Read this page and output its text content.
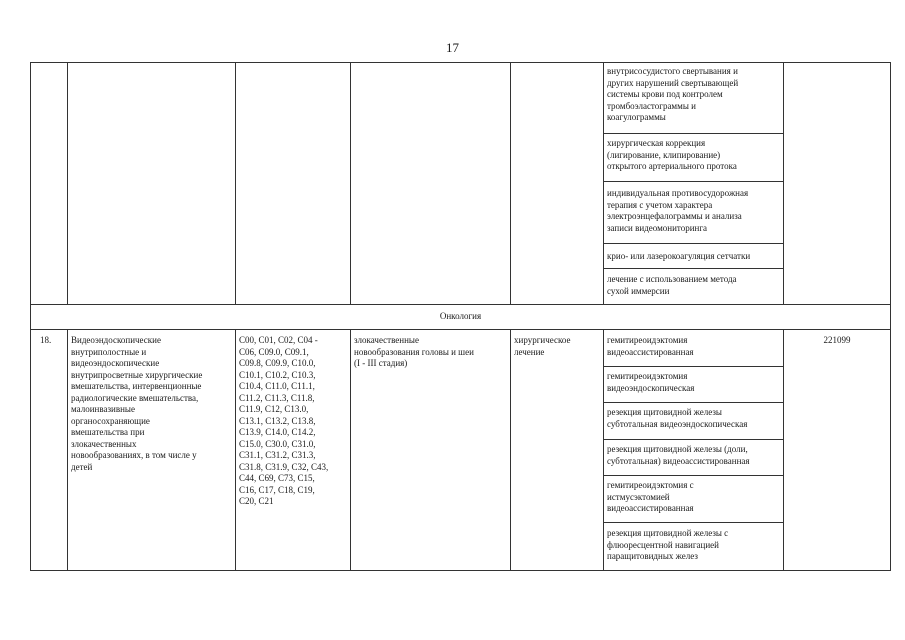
17
внутрисосудистого свертывания и
других нарушений свертывающей
системы крови под контролем
тромбоэластограммы и
коагулограммы
хирургическая коррекция
(лигирование, клипирование)
открытого артериального протока
индивидуальная противосудорожная
терапия с учетом характера
электроэнцефалограммы и анализа
записи видеомониторинга
крио- или лазерокоагуляция сетчатки
лечение с использованием метода
сухой иммерсии
Онкология
18.	Видеоэндоскопические
внутриполостные и
видеоэндоскопические
внутрипросветные хирургические
вмешательства, интервенционные
радиологические вмешательства,
малоинвазивные
органосохраняющие
вмешательства при
злокачественных
новообразованиях, в том числе у
детей
C00, C01, C02, C04 -
C06, C09.0, C09.1,
C09.8, C09.9, C10.0,
C10.1, C10.2, C10.3,
C10.4, C11.0, C11.1,
C11.2, C11.3, C11.8,
C11.9, C12, C13.0,
C13.1, C13.2, C13.8,
C13.9, C14.0, C14.2,
C15.0, C30.0, C31.0,
C31.1, C31.2, C31.3,
C31.8, C31.9, C32, C43,
C44, C69, C73, C15,
C16, C17, C18, C19,
C20, C21
злокачественные
новообразования головы и шеи
(I - III стадия)
хирургическое
лечение
гемитиреоидэктомия
видеоассистированная
гемитиреоидэктомия
видеоэндоскопическая
резекция щитовидной железы
субтотальная видеоэндоскопическая
резекция щитовидной железы (доли,
субтотальная) видеоассистированная
гемитиреоидэктомия с
истмусэктомией
видеоассистированная
резекция щитовидной железы с
флюоресцентной навигацией
паращитовидных желез
221099
